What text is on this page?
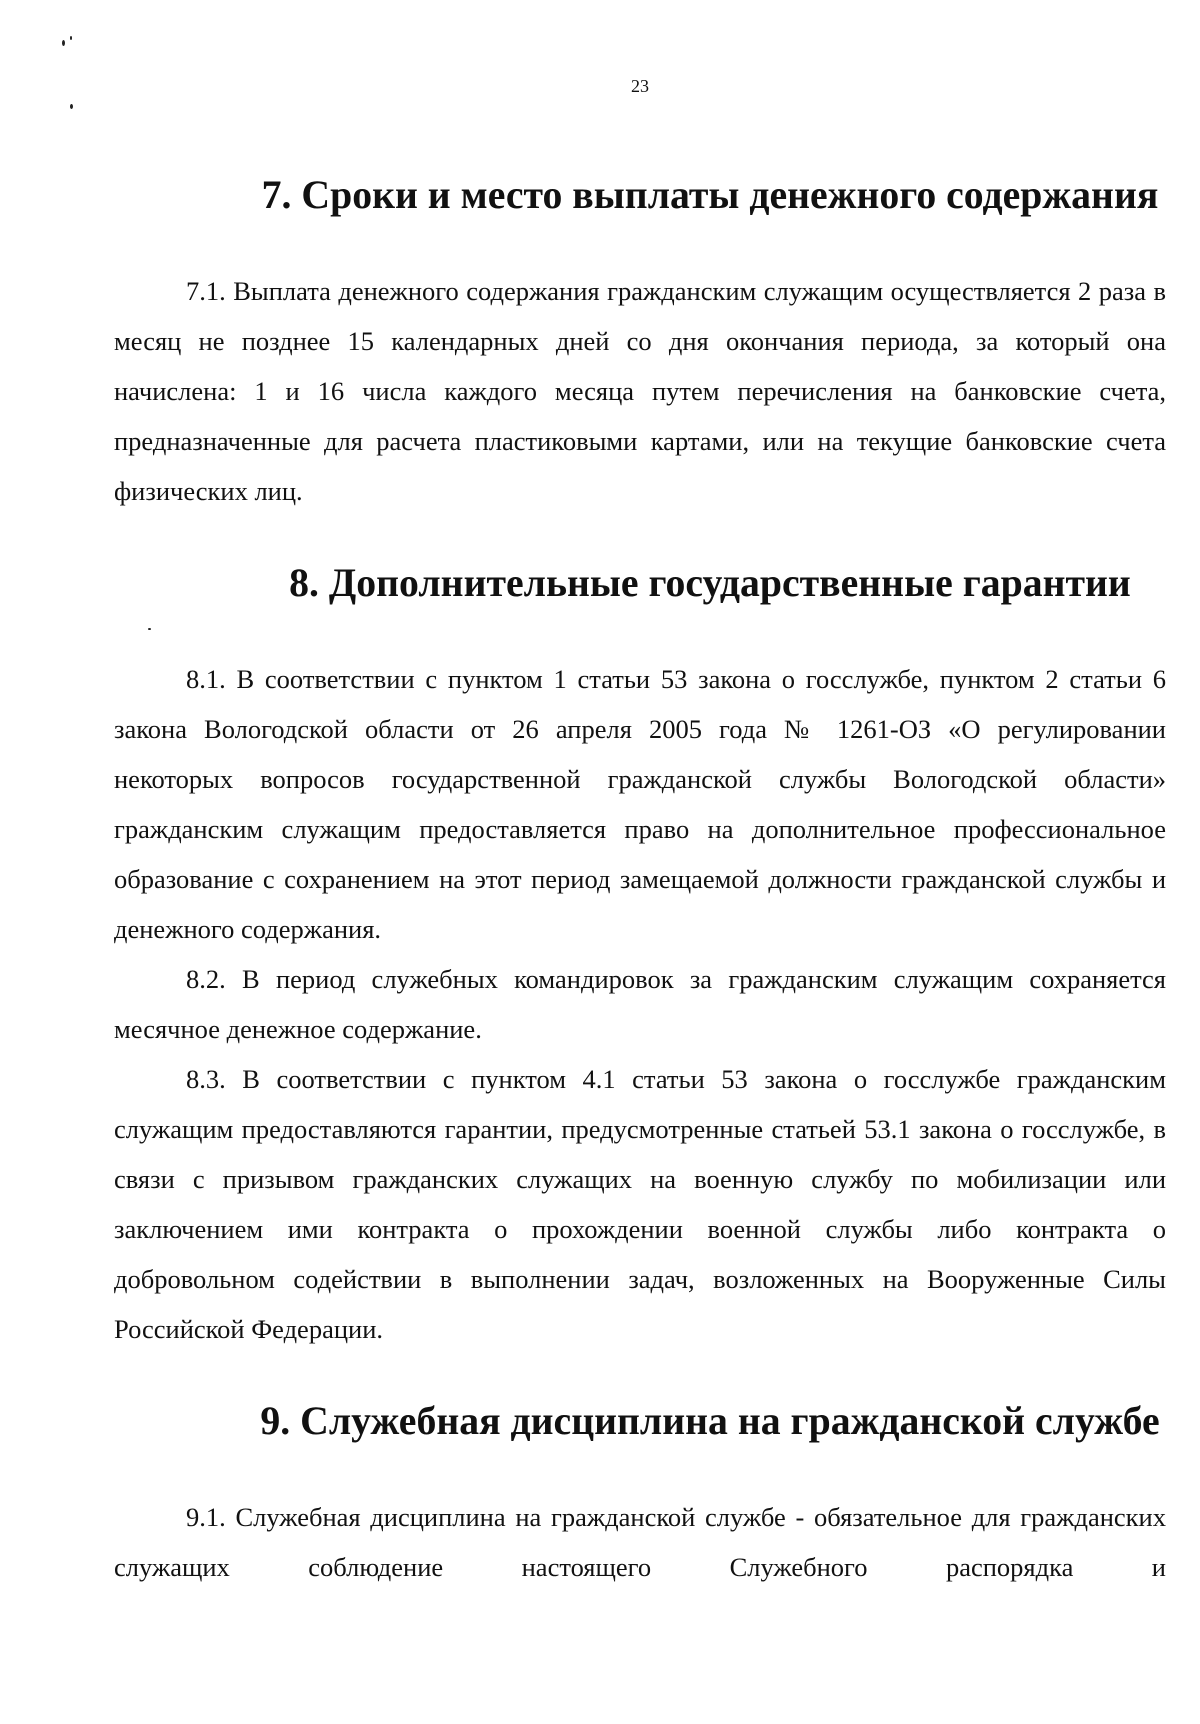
23
7. Сроки и место выплаты денежного содержания

7.1. Выплата денежного содержания гражданским служащим осуществляется 2 раза в месяц не позднее 15 календарных дней со дня окончания периода, за который она начислена: 1 и 16 числа каждого месяца путем перечисления на банковские счета, предназначенные для расчета пластиковыми картами, или на текущие банковские счета физических лиц.

8. Дополнительные государственные гарантии

8.1. В соответствии с пунктом 1 статьи 53 закона о госслужбе, пунктом 2 статьи 6 закона Вологодской области от 26 апреля 2005 года № 1261-ОЗ «О регулировании некоторых вопросов государственной гражданской службы Вологодской области» гражданским служащим предоставляется право на дополнительное профессиональное образование с сохранением на этот период замещаемой должности гражданской службы и денежного содержания.

8.2. В период служебных командировок за гражданским служащим сохраняется месячное денежное содержание.

8.3. В соответствии с пунктом 4.1 статьи 53 закона о госслужбе гражданским служащим предоставляются гарантии, предусмотренные статьей 53.1 закона о госслужбе, в связи с призывом гражданских служащих на военную службу по мобилизации или заключением ими контракта о прохождении военной службы либо контракта о добровольном содействии в выполнении задач, возложенных на Вооруженные Силы Российской Федерации.

9. Служебная дисциплина на гражданской службе

9.1. Служебная дисциплина на гражданской службе - обязательное для гражданских служащих соблюдение настоящего Служебного распорядка и
